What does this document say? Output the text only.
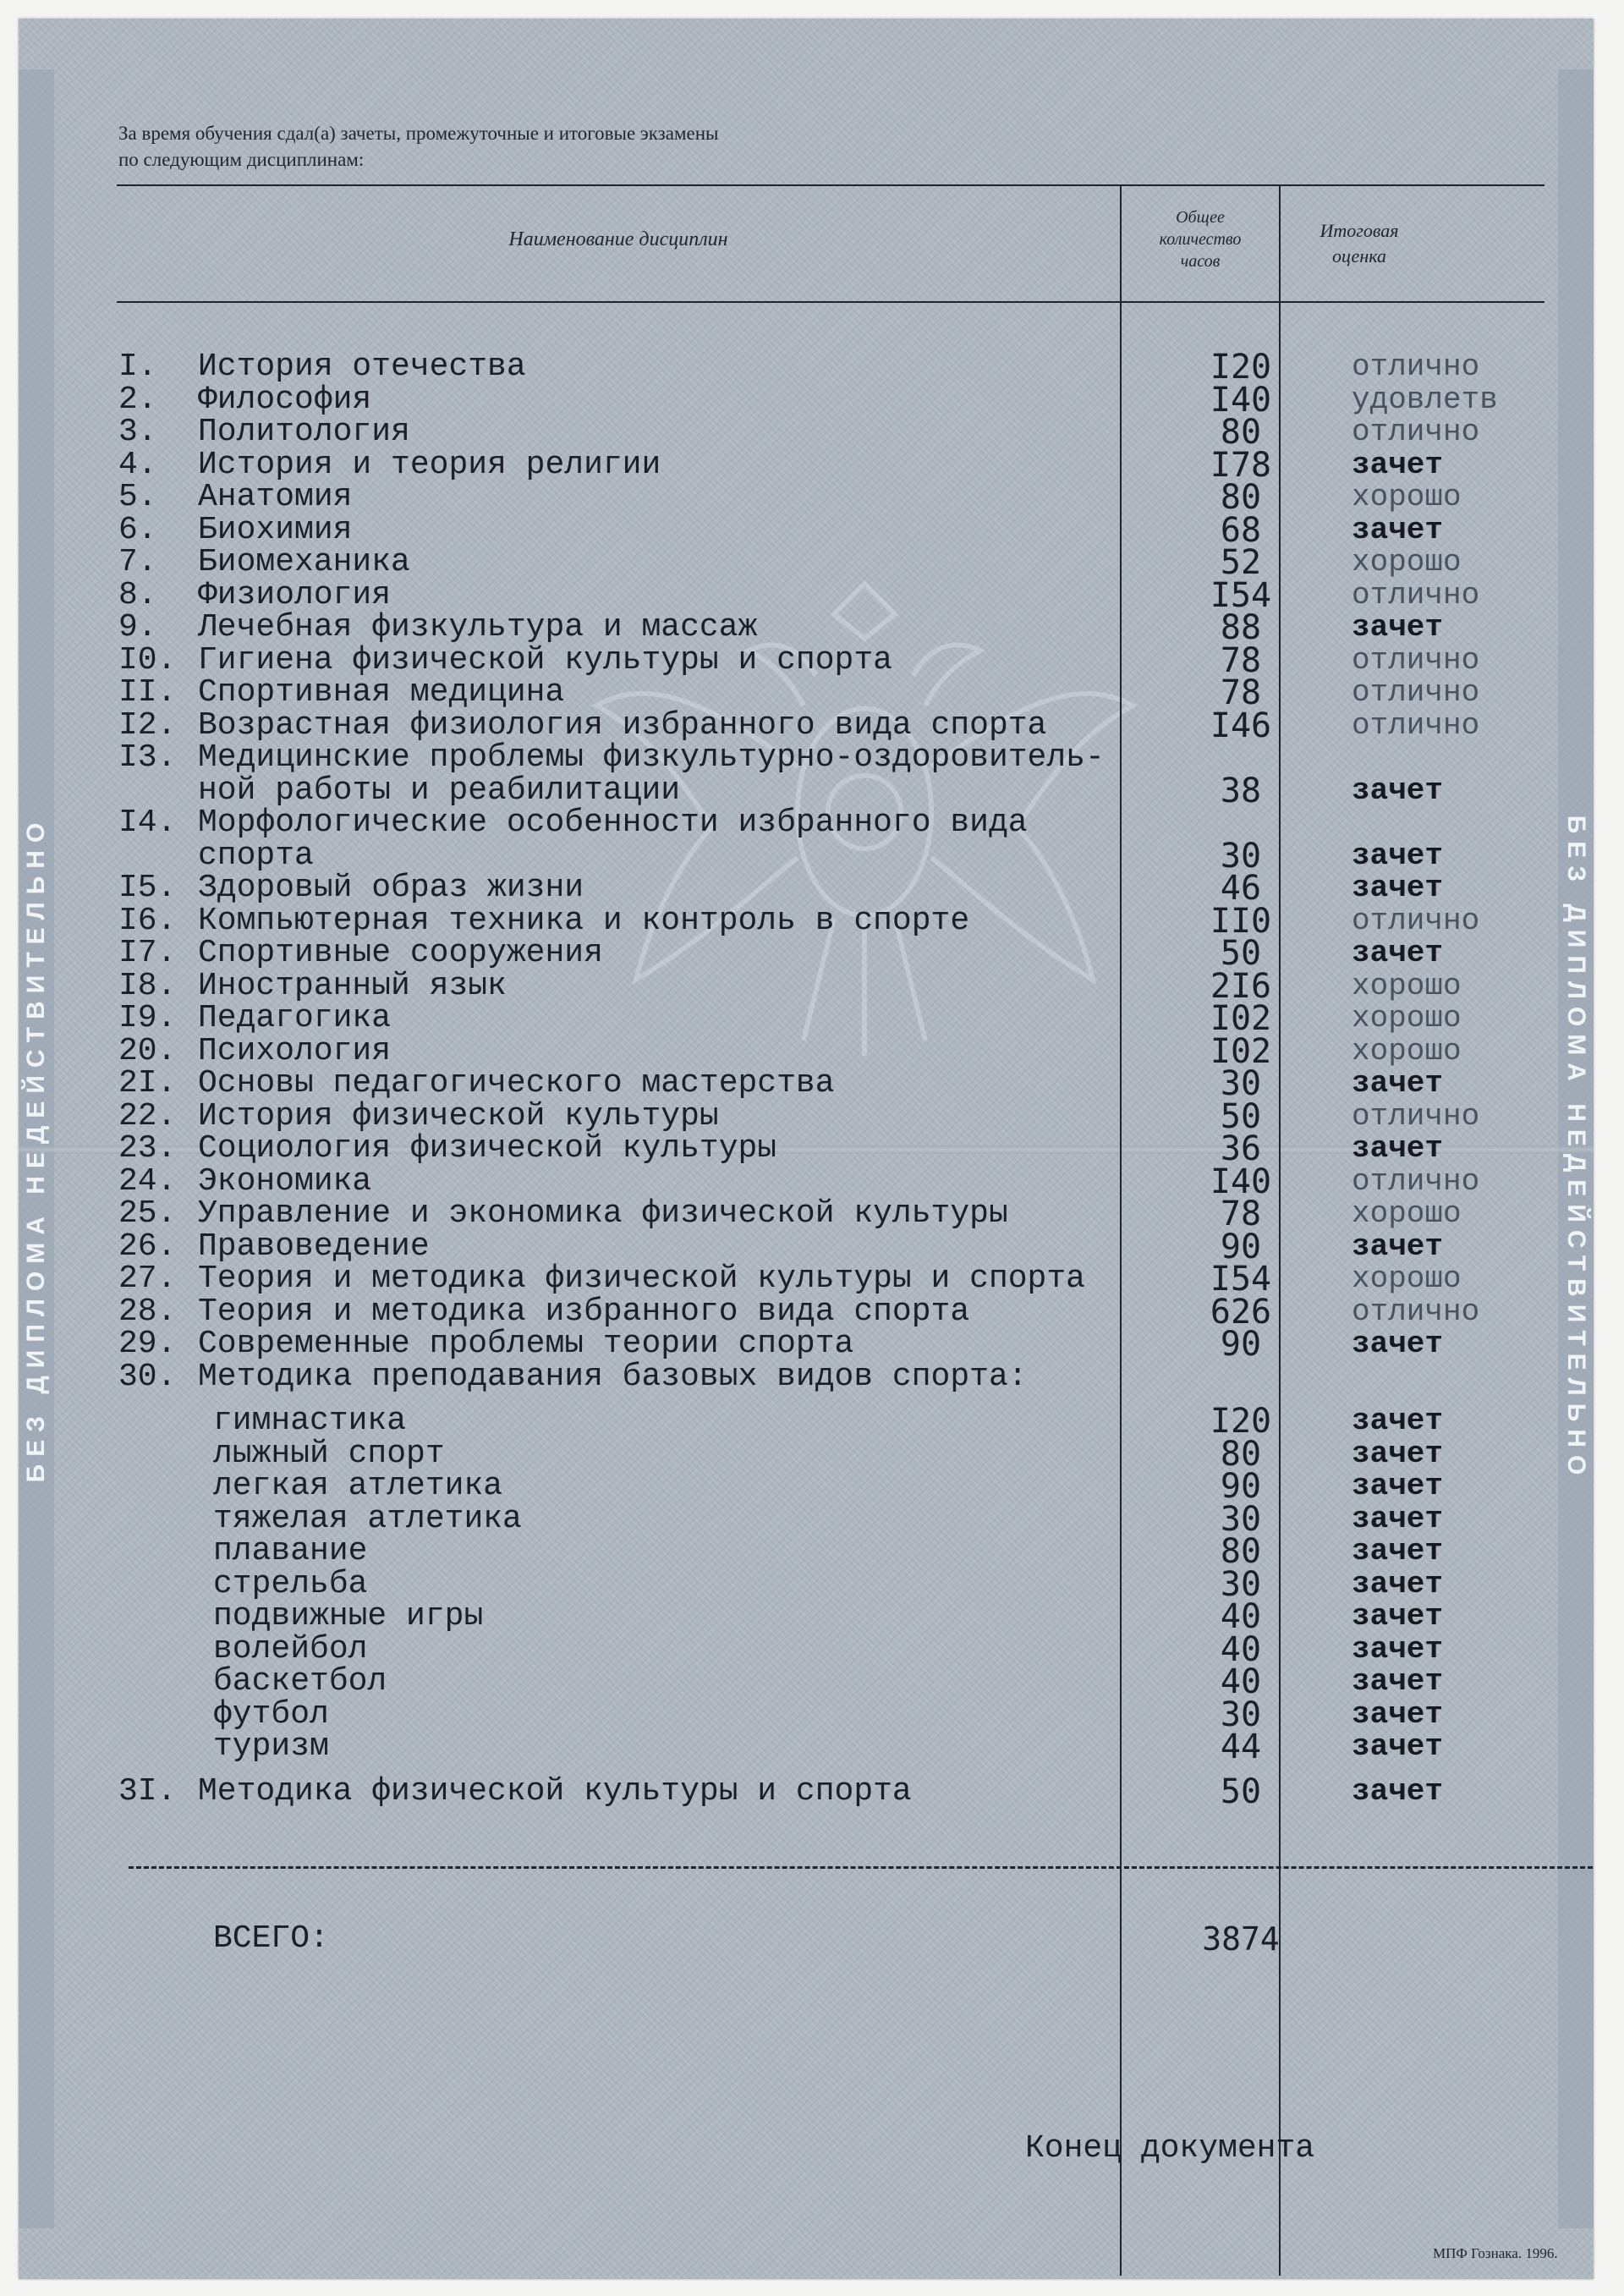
За время обучения сдал(а) зачеты, промежуточные и итоговые экзамены
по следующим дисциплинам:
Наименование дисциплин
Общее
количество
часов
Итоговая
оценка
I. История отечества	I20	отлично
2. Философия	I40	удовлетв
3. Политология	80	отлично
4. История и теория религии	I78	зачет
5. Анатомия	80	хорошо
6. Биохимия	68	зачет
7. Биомеханика	52	хорошо
8. Физиология	I54	отлично
9. Лечебная физкультура и массаж	88	зачет
I0. Гигиена физической культуры и спорта	78	отлично
II. Спортивная медицина	78	отлично
I2. Возрастная физиология избранного вида спорта	I46	отлично
I3. Медицинские проблемы физкультурно-оздоровитель-
ной работы и реабилитации	38	зачет
I4. Морфологические особенности избранного вида
спорта	30	зачет
I5. Здоровый образ жизни	46	зачет
I6. Компьютерная техника и контроль в спорте	II0	отлично
I7. Спортивные сооружения	50	зачет
I8. Иностранный язык	2I6	хорошо
I9. Педагогика	I02	хорошо
20. Психология	I02	хорошо
2I. Основы педагогического мастерства	30	зачет
22. История физической культуры	50	отлично
23. Социология физической культуры	36	зачет
24. Экономика	I40	отлично
25. Управление и экономика физической культуры	78	хорошо
26. Правоведение	90	зачет
27. Теория и методика физической культуры и спорта	I54	хорошо
28. Теория и методика избранного вида спорта	626	отлично
29. Современные проблемы теории спорта	90	зачет
30. Методика преподавания базовых видов спорта:
гимнастика	I20	зачет
лыжный спорт	80	зачет
легкая атлетика	90	зачет
тяжелая атлетика	30	зачет
плавание	80	зачет
стрельба	30	зачет
подвижные игры	40	зачет
волейбол	40	зачет
баскетбол	40	зачет
футбол	30	зачет
туризм	44	зачет
3I. Методика физической культуры и спорта	50	зачет
ВСЕГО:	3874
Конец документа
МПФ Гознака. 1996.
